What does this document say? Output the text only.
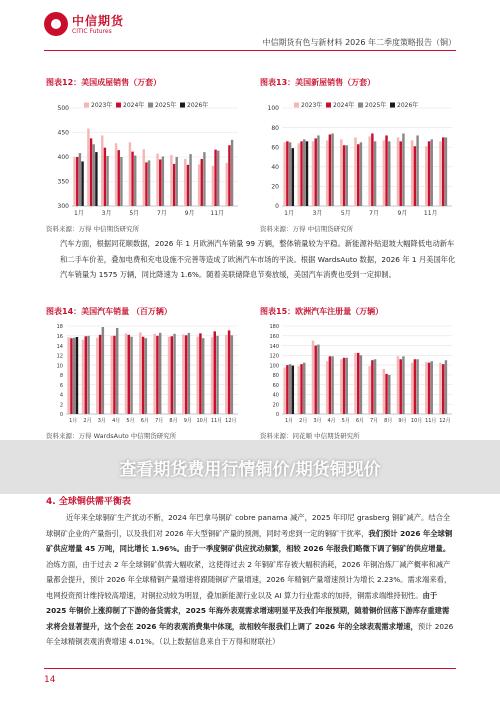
中信期货
CITIC Futures
中信期货有色与新材料 2026 年二季度策略报告（铜）
图表12：美国成屋销售（万套）	图表13：美国新屋销售（万套）
300
350
400
450
500
1月	3月	5月	7月	9月	11月
2023年 2024年 2025年 2026年
0
20
40
60
80
100
1月	3月	5月	7月	9月	11月
2023年 2024年 2025年 2026年
资料来源：万得 中信期货研究所	资料来源：万得 中信期货研究所
汽车方面，根据同花顺数据，2026 年 1 月欧洲汽车销量 99 万辆，整体销量较为平稳。新能源补贴退坡大幅降低电动新车和二手车价差，叠加电费和充电设施不完善等造成了欧洲汽车市场的平淡。根据 WardsAuto 数据，2026 年 1 月美国年化汽车销量为 1575 万辆，同比降速为 1.6%。随着美联储降息节奏放缓，美国汽车消费也受到一定抑制。
图表14：美国汽车销量 （百万辆）	图表15：欧洲汽车注册量（万辆）
0
2
4
6
8
10
12
14
16
18
1月 2月 3月 4月 5月 6月 7月 8月 9月 10月 11月 12月
0
20
40
60
80
100
120
140
160
180
1月 2月 3月 4月 5月 6月 7月 8月 9月 10月 11月 12月
资料来源：万得 WardsAuto 中信期货研究所	资料来源：同花顺 中信期货研究所
查看期货费用行情铜价/期货铜现价
4. 全球铜供需平衡表
近年来全球铜矿生产扰动不断，2024 年巴拿马铜矿 cobre panama 减产，2025 年印尼 grasberg 铜矿减产。结合全球铜矿企业的产量指引，以及我们对 2026 年大型铜矿产量的预测，同时考虑到一定的铜矿干扰率，我们预计 2026 年全球铜矿供应增量 45 万吨，同比增长 1.96%。由于一季度铜矿供应扰动频繁，相较 2026 年报我们略微下调了铜矿的供应增量。冶炼方面，由于过去 2 年全球铜矿供需大幅收紧，这使得过去 2 年铜矿库存被大幅积消耗，2026 年铜冶炼厂减产概率和减产量都会提升，预计 2026 年全球精铜产量增速将跟随铜矿产量增速，2026 年精铜产量增速预计为增长 2.23%。需求端来看，电网投资预计维持较高增速，对铜拉动较为明显，叠加新能源行业以及 AI 算力行业需求的加持，铜需求端维持韧性。由于 2025 年铜价上涨抑制了下游的备货需求，2025 年海外表观需求增速明显平及我们年报预期，随着铜价回落下游库存重建需求将会显著提升，这个会在 2026 年的表观消费集中体现，故相较年报我们上调了 2026 年的全球表观需求增速，预计 2026 年全球精铜表观消费增速 4.01%。（以上数据信息来自于万得和财联社）
14
